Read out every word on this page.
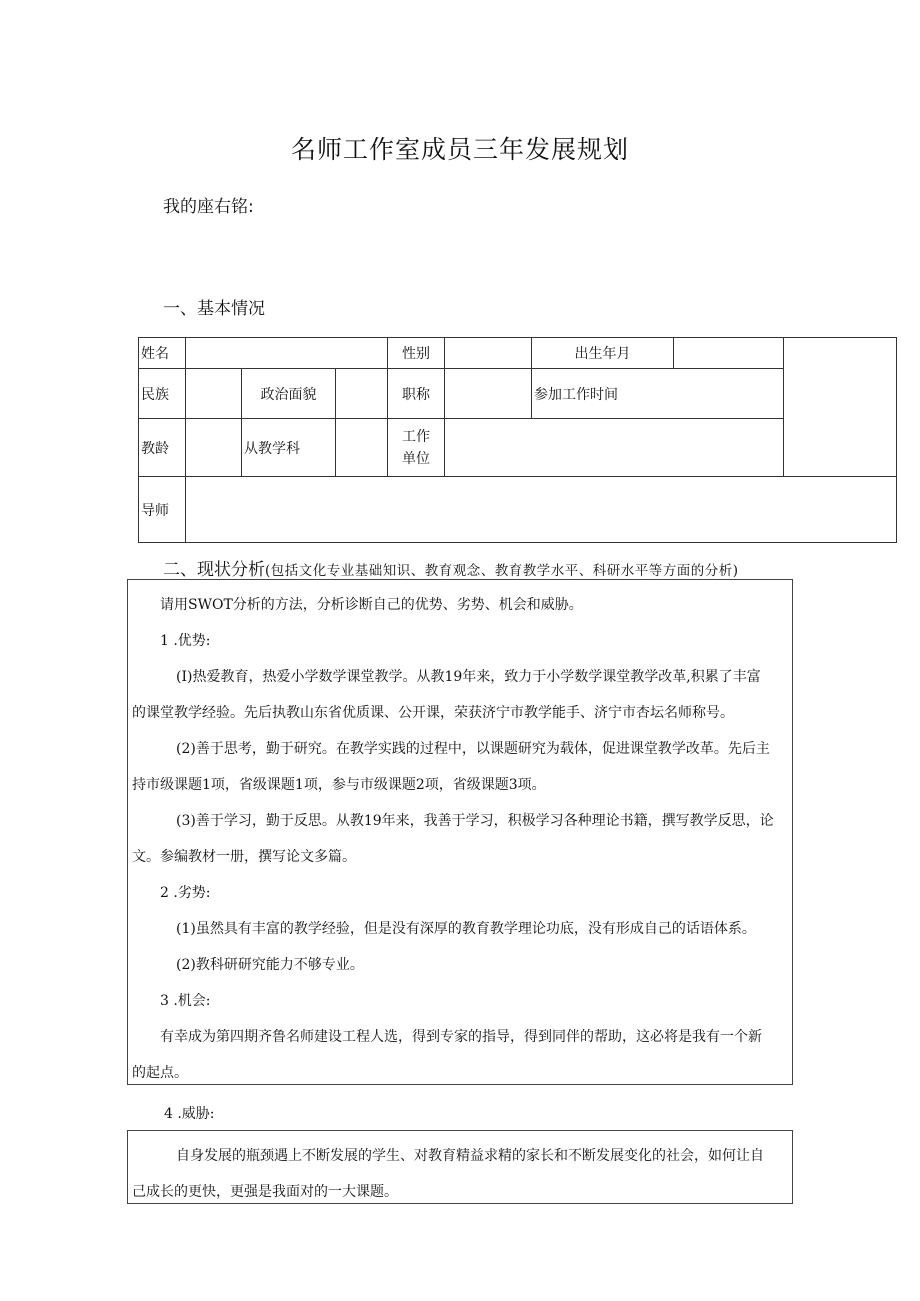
名师工作室成员三年发展规划
我的座右铭:
一、基本情况
姓名				性别		出生年月		
民族		政治面貌		职称		参加工作时间		
教龄		从教学科		工作
单位				

导师								
二、现状分析(包括文化专业基础知识、教育观念、教育教学水平、科研水平等方面的分析)
请用SWOT分析的方法，分析诊断自己的优势、劣势、机会和威胁。
1 .优势:
(I)热爱教育，热爱小学数学课堂教学。从教19年来，致力于小学数学课堂教学改革,积累了丰富
的课堂教学经验。先后执教山东省优质课、公开课，荣获济宁市教学能手、济宁市杏坛名师称号。
(2)善于思考，勤于研究。在教学实践的过程中，以课题研究为载体，促进课堂教学改革。先后主
持市级课题1项，省级课题1项，参与市级课题2项，省级课题3项。
(3)善于学习，勤于反思。从教19年来，我善于学习，积极学习各种理论书籍，撰写教学反思，论
文。参编教材一册，撰写论文多篇。
2 .劣势:
(1)虽然具有丰富的教学经验，但是没有深厚的教育教学理论功底，没有形成自己的话语体系。
(2)教科研研究能力不够专业。
3 .机会:
有幸成为第四期齐鲁名师建设工程人选，得到专家的指导，得到同伴的帮助，这必将是我有一个新
的起点。
4 .威胁:
自身发展的瓶颈遇上不断发展的学生、对教育精益求精的家长和不断发展变化的社会，如何让自
己成长的更快，更强是我面对的一大课题。
